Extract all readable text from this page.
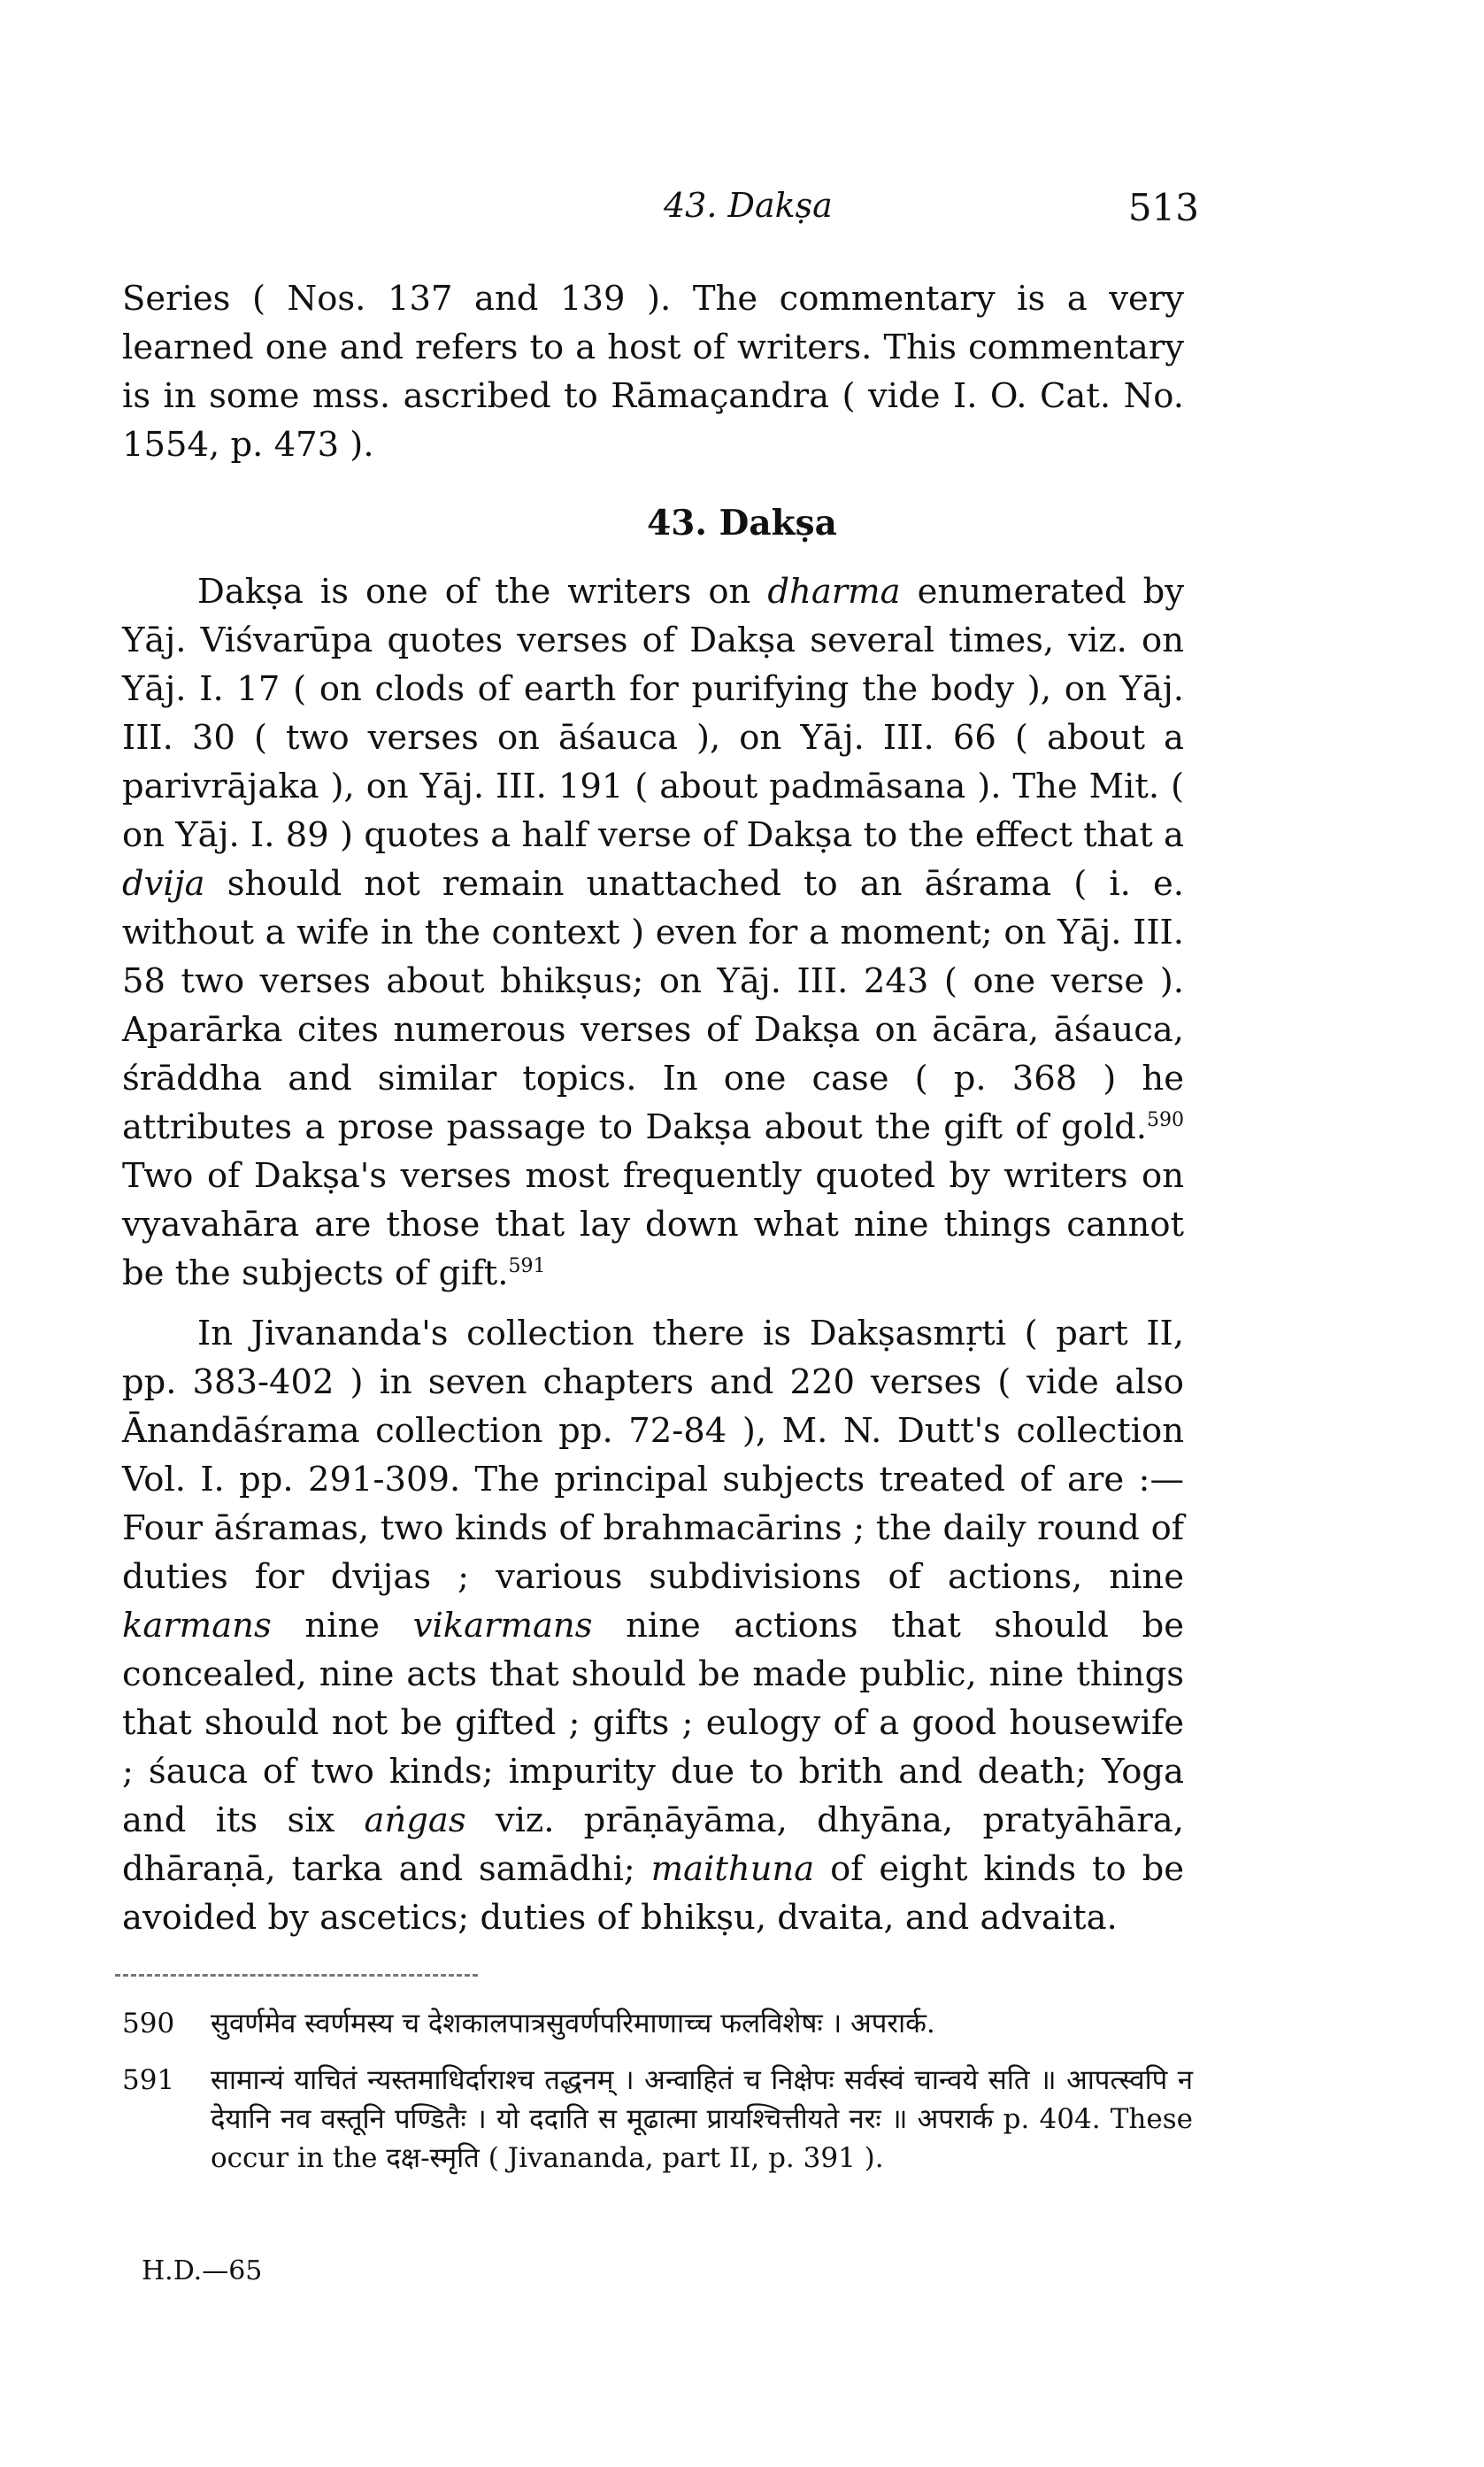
43. Dakṣa	513
Series ( Nos. 137 and 139 ). The commentary is a very learned one and refers to a host of writers. This commentary is in some mss. ascribed to Rāmaçandra ( vide I. O. Cat. No. 1554, p. 473 ).
43. Dakṣa
Dakṣa is one of the writers on dharma enumerated by Yāj. Viśvarūpa quotes verses of Dakṣa several times, viz. on Yāj. I. 17 ( on clods of earth for purifying the body ), on Yāj. III. 30 ( two verses on āśauca ), on Yāj. III. 66 ( about a parivrājaka ), on Yāj. III. 191 ( about padmāsana ). The Mit. ( on Yāj. I. 89 ) quotes a half verse of Dakṣa to the effect that a dvija should not remain unattached to an āśrama ( i. e. without a wife in the context ) even for a moment; on Yāj. III. 58 two verses about bhikṣus; on Yāj. III. 243 ( one verse ). Aparārka cites numerous verses of Dakṣa on ācāra, āśauca, śrāddha and similar topics. In one case ( p. 368 ) he attributes a prose passage to Dakṣa about the gift of gold.$^{590}$ Two of Dakṣa's verses most frequently quoted by writers on vyavahāra are those that lay down what nine things cannot be the subjects of gift.$^{591}$
In Jivananda's collection there is Dakṣasmṛti ( part II, pp. 383-402 ) in seven chapters and 220 verses ( vide also Ānandāśrama collection pp. 72-84 ), M. N. Dutt's collection Vol. I. pp. 291-309. The principal subjects treated of are :— Four āśramas, two kinds of brahmacārins ; the daily round of duties for dvijas ; various subdivisions of actions, nine karmans nine vikarmans nine actions that should be concealed, nine acts that should be made public, nine things that should not be gifted ; gifts ; eulogy of a good housewife ; śauca of two kinds; impurity due to brith and death; Yoga and its six aṅgas viz. prāṇāyāma, dhyāna, pratyāhāra, dhāraṇā, tarka and samādhi; maithuna of eight kinds to be avoided by ascetics; duties of bhikṣu, dvaita, and advaita.
590	सुवर्णमेव स्वर्णमस्य च देशकालपात्रसुवर्णपरिमाणाच्च फलविशेषः । अपरार्क.
591	सामान्यं याचितं न्यस्तमाधिर्दाराश्च तद्धनम् । अन्वाहितं च निक्षेपः सर्वस्वं चान्वये सति ॥ आपत्स्वपि न देयानि नव वस्तूनि पण्डितैः । यो ददाति स मूढात्मा प्रायश्चित्तीयते नरः ॥ अपरार्क p. 404. These occur in the दक्ष-स्मृति ( Jivananda, part II, p. 391 ).
H.D.—65
